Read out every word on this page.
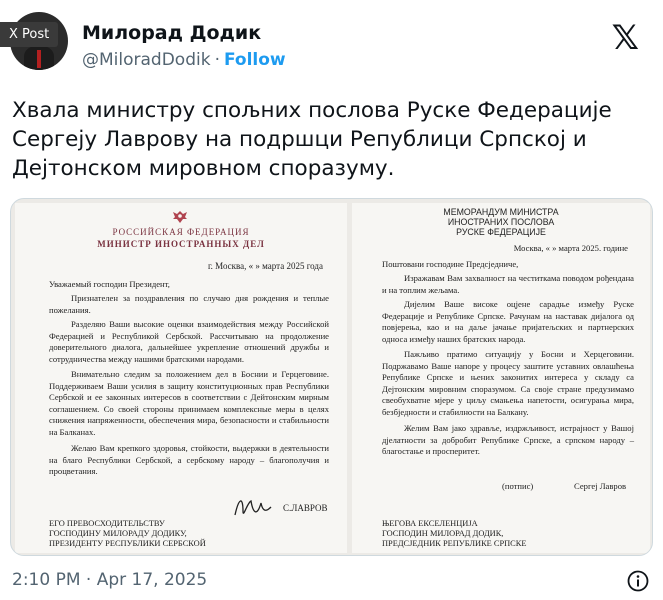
X Post	Милорад Додик
@MiloradDodik · Follow
𝕏
Хвала министру спољних послова Руске Федерације Сергеју Лаврову на подршци Републици Српској и Дејтонском мировном споразуму.
РОССИЙСКАЯ ФЕДЕРАЦИЯ
МИНИСТР ИНОСТРАННЫХ ДЕЛ
г. Москва, « » марта 2025 года
Уважаемый господин Президент,
Признателен за поздравления по случаю дня рождения и теплые пожелания.
Разделяю Ваши высокие оценки взаимодействия между Российской Федерацией и Республикой Сербской. Рассчитываю на продолжение доверительного диалога, дальнейшее укрепление отношений дружбы и сотрудничества между нашими братскими народами.
Внимательно следим за положением дел в Боснии и Герцеговине. Поддерживаем Ваши усилия в защиту конституционных прав Республики Сербской и ее законных интересов в соответствии с Дейтонским мирным соглашением. Со своей стороны принимаем комплексные меры в целях снижения напряженности, обеспечения мира, безопасности и стабильности на Балканах.
Желаю Вам крепкого здоровья, стойкости, выдержки в деятельности на благо Республики Сербской, а сербскому народу – благополучия и процветания.
С.ЛАВРОВ
ЕГО ПРЕВОСХОДИТЕЛЬСТВУ
ГОСПОДИНУ МИЛОРАДУ ДОДИКУ,
ПРЕЗИДЕНТУ РЕСПУБЛИКИ СЕРБСКОЙ
МЕМОРАНДУМ МИНИСТРА
ИНОСТРАНИХ ПОСЛОВА
РУСКЕ ФЕДЕРАЦИЈЕ
Москва, « » марта 2025. године
Поштовани господине Предсједниче,
Изражавам Вам захвалност на честиткама поводом рођендана и на топлим жељама.
Дијелим Ваше високе оцјене сарадње између Руске Федерације и Републике Српске. Рачунам на наставак дијалога од повјерења, као и на даље јачање пријатељских и партнерских односа између наших братских народа.
Пажљиво пратимо ситуацију у Босни и Херцеговини. Подржавамо Ваше напоре у процесу заштите уставних овлашћења Републике Српске и њених законитих интереса у складу са Дејтонским мировним споразумом. Са своје стране предузимамо свеобухватне мјере у циљу смањења напетости, осигурања мира, безбједности и стабилности на Балкану.
Желим Вам јако здравље, издржљивост, истрајност у Вашој дјелатности за добробит Републике Српске, а српском народу – благостање и просперитет.
(потпис)	Сергеј Лавров
ЊЕГОВА ЕКСЕЛЕНЦИЈА
ГОСПОДИН МИЛОРАД ДОДИК,
ПРЕДСЈЕДНИК РЕПУБЛИКЕ СРПСКЕ
2:10 PM · Apr 17, 2025
